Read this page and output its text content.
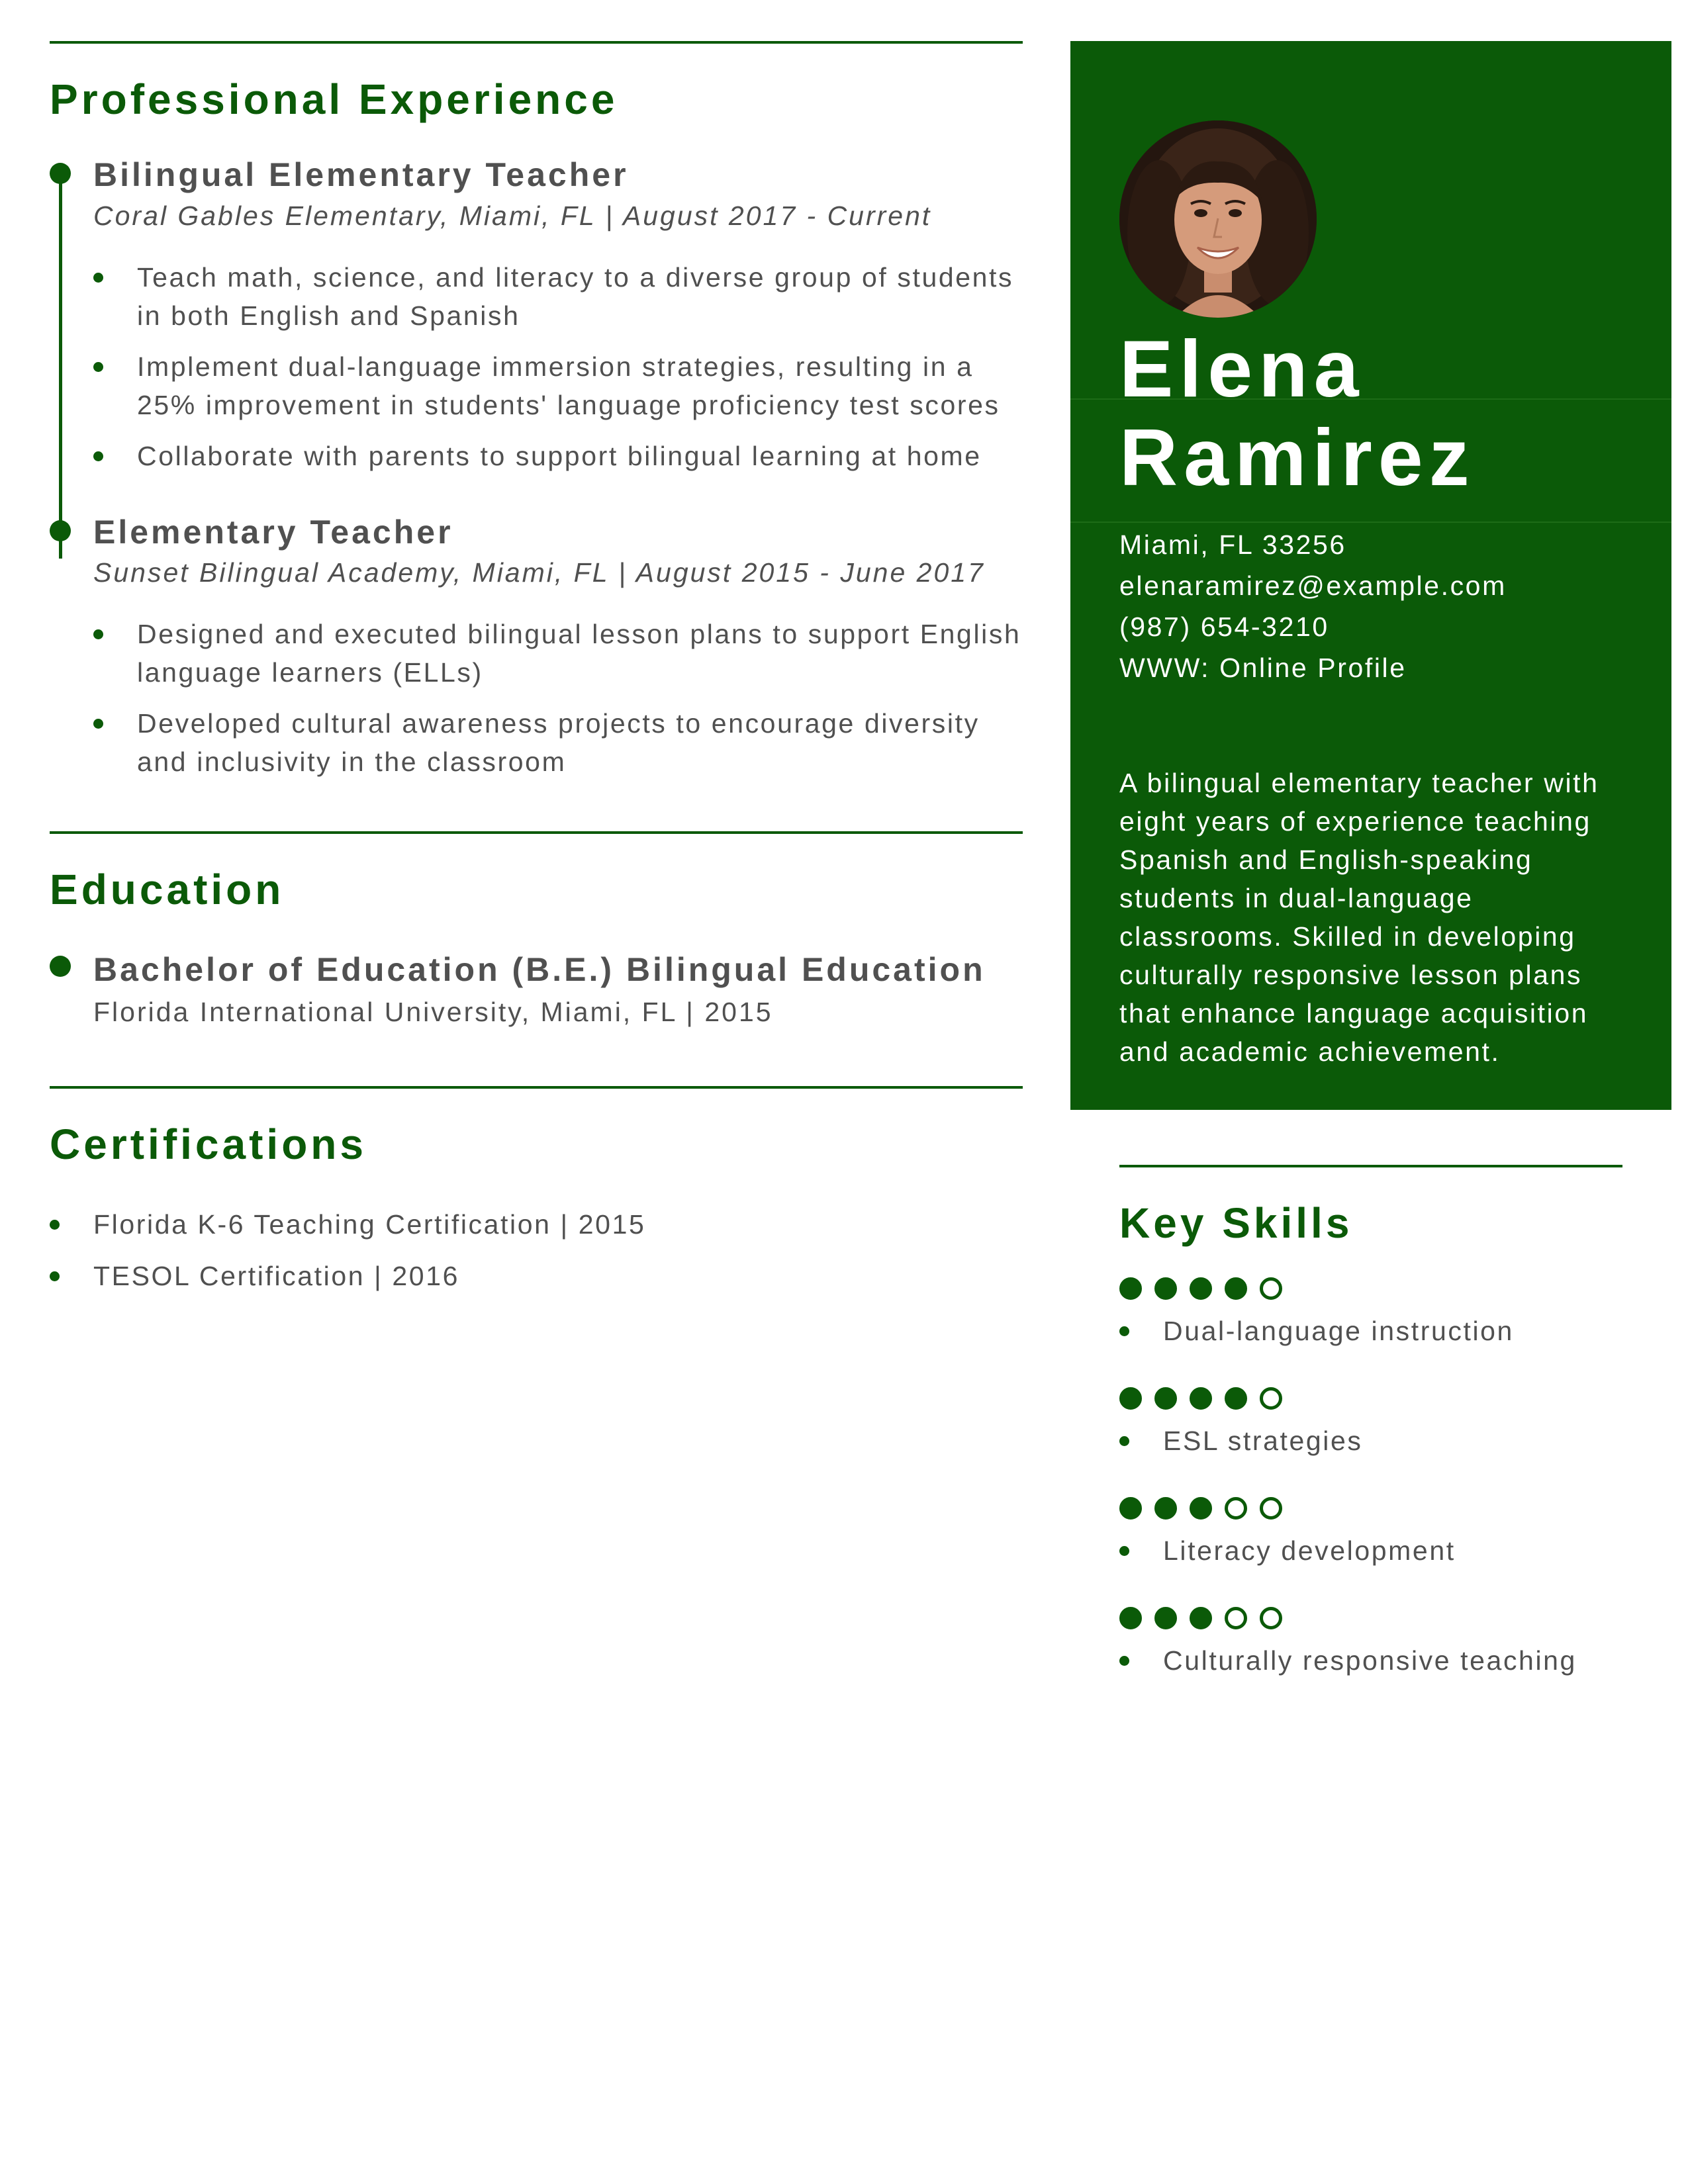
Professional Experience
Bilingual Elementary Teacher
Coral Gables Elementary, Miami, FL | August 2017 - Current
Teach math, science, and literacy to a diverse group of students in both English and Spanish
Implement dual-language immersion strategies, resulting in a 25% improvement in students' language proficiency test scores
Collaborate with parents to support bilingual learning at home
Elementary Teacher
Sunset Bilingual Academy, Miami, FL | August 2015 - June 2017
Designed and executed bilingual lesson plans to support English language learners (ELLs)
Developed cultural awareness projects to encourage diversity and inclusivity in the classroom
Education
Bachelor of Education (B.E.) Bilingual Education
Florida International University, Miami, FL | 2015
Certifications
Florida K-6 Teaching Certification | 2015
TESOL Certification | 2016
Elena
Ramirez
Miami, FL 33256
elenaramirez@example.com
(987) 654-3210
WWW: Online Profile
A bilingual elementary teacher with eight years of experience teaching Spanish and English-speaking students in dual-language classrooms. Skilled in developing culturally responsive lesson plans that enhance language acquisition and academic achievement.
Key Skills
Dual-language instruction
ESL strategies
Literacy development
Culturally responsive teaching
